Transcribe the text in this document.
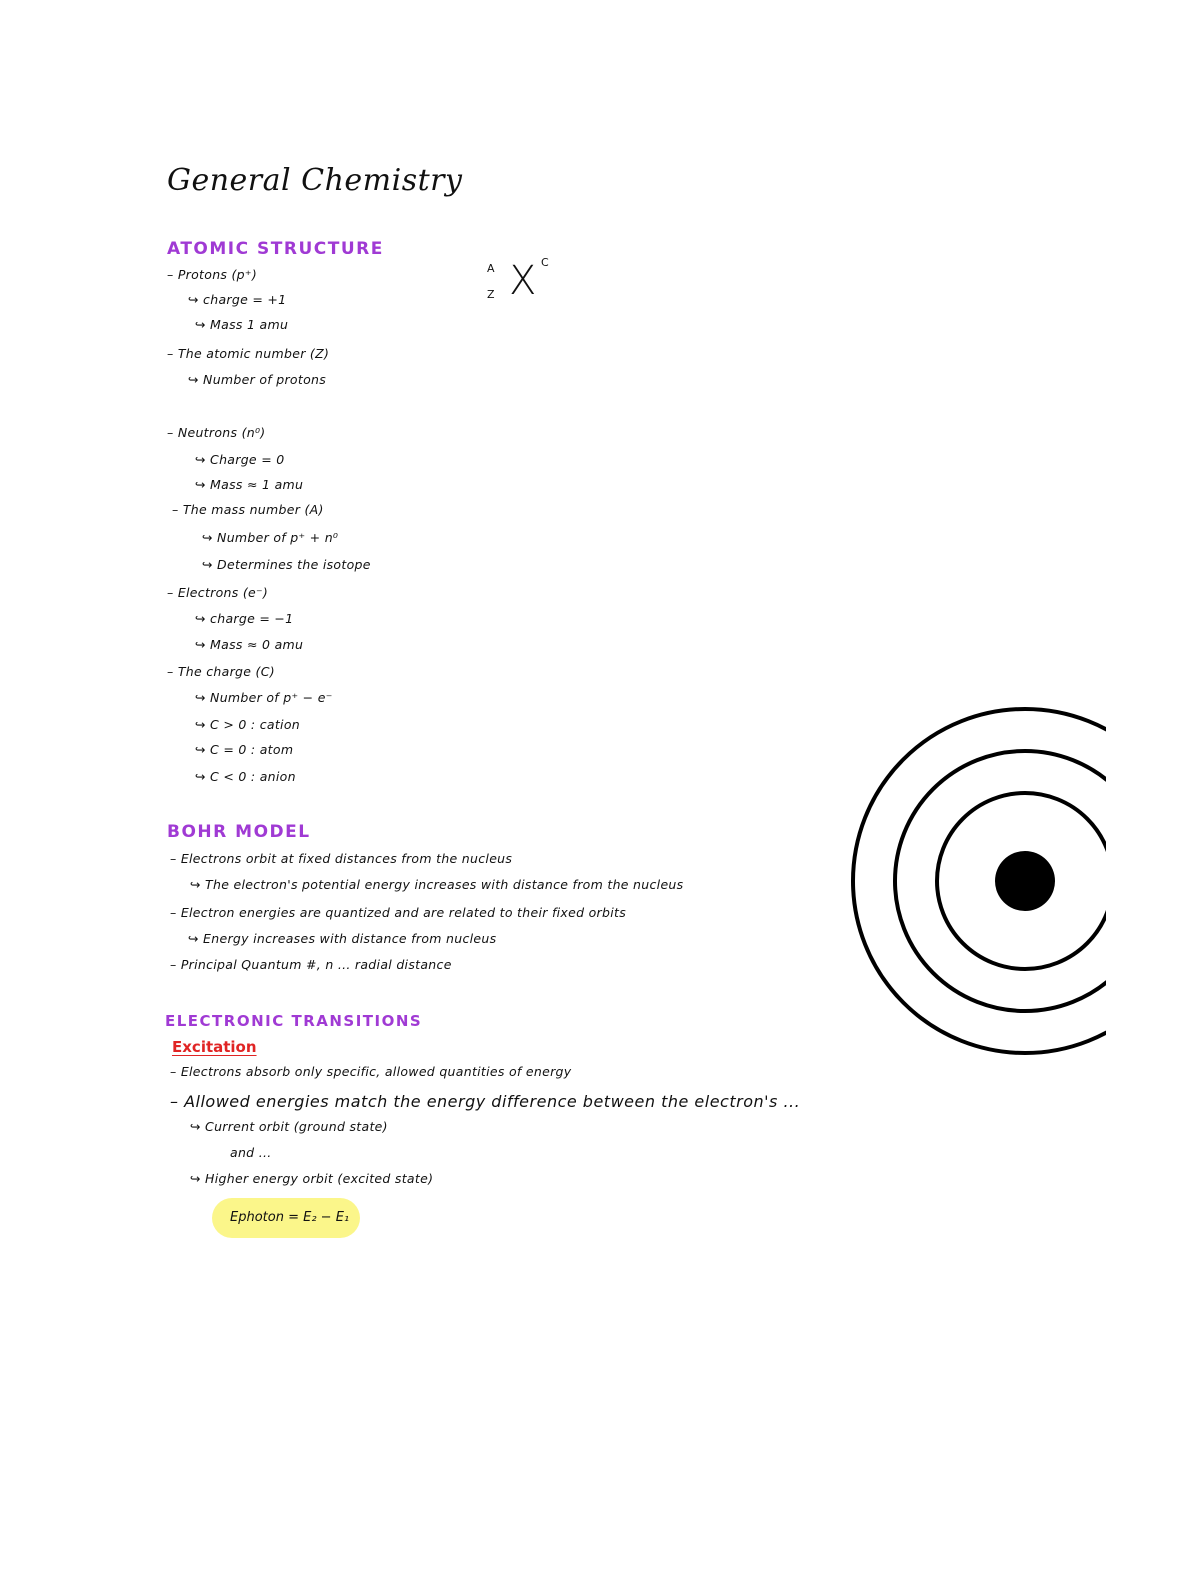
General Chemistry
ATOMIC STRUCTURE
– Protons (p⁺)
↪ charge = +1
↪ Mass 1 amu
– The atomic number (Z)
↪ Number of protons
– Neutrons (n⁰)
↪ Charge = 0
↪ Mass ≈ 1 amu
– The mass number (A)
↪ Number of p⁺ + n⁰
↪ Determines the isotope
– Electrons (e⁻)
↪ charge = −1
↪ Mass ≈ 0 amu
– The charge (C)
↪ Number of p⁺ − e⁻
↪ C > 0 : cation
↪ C = 0 : atom
↪ C < 0 : anion
A
Z X C
BOHR MODEL
– Electrons orbit at fixed distances from the nucleus
↪ The electron's potential energy increases with distance from the nucleus
– Electron energies are quantized and are related to their fixed orbits
↪ Energy increases with distance from nucleus
– Principal Quantum #, n ... radial distance
ELECTRONIC TRANSITIONS
Excitation
– Electrons absorb only specific, allowed quantities of energy
– Allowed energies match the energy difference between the electron's ...
↪ Current orbit (ground state)
and ...
↪ Higher energy orbit (excited state)
Ephoton = E₂ − E₁
